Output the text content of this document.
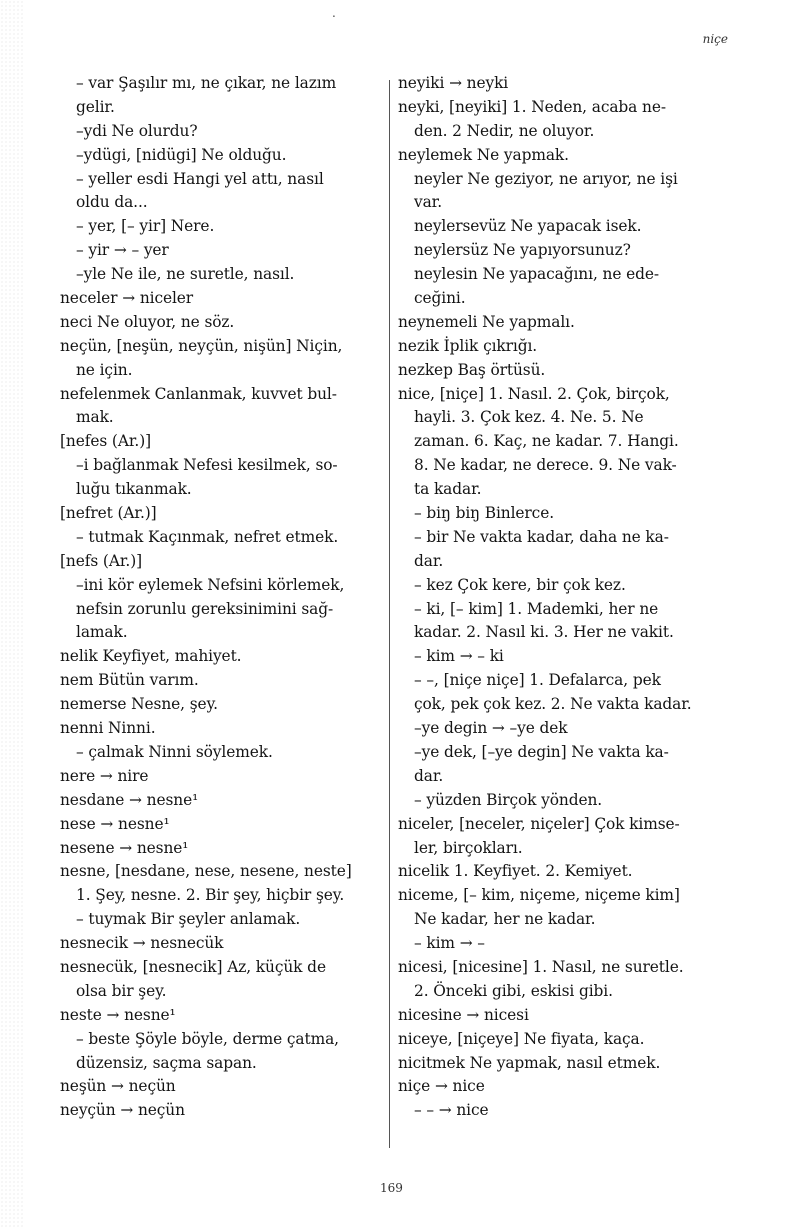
.
niçe
– var Şaşılır mı, ne çıkar, ne lazım
gelir.
–ydi Ne olurdu?
–ydügi, [nidügi] Ne olduğu.
– yeller esdi Hangi yel attı, nasıl
oldu da...
– yer, [– yir] Nere.
– yir → – yer
–yle Ne ile, ne suretle, nasıl.
neceler → niceler
neci Ne oluyor, ne söz.
neçün, [neşün, neyçün, nişün] Niçin,
ne için.
nefelenmek Canlanmak, kuvvet bul-
mak.
[nefes (Ar.)]
–i bağlanmak Nefesi kesilmek, so-
luğu tıkanmak.
[nefret (Ar.)]
– tutmak Kaçınmak, nefret etmek.
[nefs (Ar.)]
–ini kör eylemek Nefsini körlemek,
nefsin zorunlu gereksinimini sağ-
lamak.
nelik Keyfiyet, mahiyet.
nem Bütün varım.
nemerse Nesne, şey.
nenni Ninni.
– çalmak Ninni söylemek.
nere → nire
nesdane → nesne¹
nese → nesne¹
nesene → nesne¹
nesne, [nesdane, nese, nesene, neste]
1. Şey, nesne. 2. Bir şey, hiçbir şey.
– tuymak Bir şeyler anlamak.
nesnecik → nesnecük
nesnecük, [nesnecik] Az, küçük de
olsa bir şey.
neste → nesne¹
– beste Şöyle böyle, derme çatma,
düzensiz, saçma sapan.
neşün → neçün
neyçün → neçün
neyiki → neyki
neyki, [neyiki] 1. Neden, acaba ne-
den. 2 Nedir, ne oluyor.
neylemek Ne yapmak.
neyler Ne geziyor, ne arıyor, ne işi
var.
neylersevüz Ne yapacak isek.
neylersüz Ne yapıyorsunuz?
neylesin Ne yapacağını, ne ede-
ceğini.
neynemeli Ne yapmalı.
nezik İplik çıkrığı.
nezkep Baş örtüsü.
nice, [niçe] 1. Nasıl. 2. Çok, birçok,
hayli. 3. Çok kez. 4. Ne. 5. Ne
zaman. 6. Kaç, ne kadar. 7. Hangi.
8. Ne kadar, ne derece. 9. Ne vak-
ta kadar.
– biŋ biŋ Binlerce.
– bir Ne vakta kadar, daha ne ka-
dar.
– kez Çok kere, bir çok kez.
– ki, [– kim] 1. Mademki, her ne
kadar. 2. Nasıl ki. 3. Her ne vakit.
– kim → – ki
– –, [niçe niçe] 1. Defalarca, pek
çok, pek çok kez. 2. Ne vakta kadar.
–ye degin → –ye dek
–ye dek, [–ye degin] Ne vakta ka-
dar.
– yüzden Birçok yönden.
niceler, [neceler, niçeler] Çok kimse-
ler, birçokları.
nicelik 1. Keyfiyet. 2. Kemiyet.
niceme, [– kim, niçeme, niçeme kim]
Ne kadar, her ne kadar.
– kim → –
nicesi, [nicesine] 1. Nasıl, ne suretle.
2. Önceki gibi, eskisi gibi.
nicesine → nicesi
niceye, [niçeye] Ne fiyata, kaça.
nicitmek Ne yapmak, nasıl etmek.
niçe → nice
– – → nice
169
